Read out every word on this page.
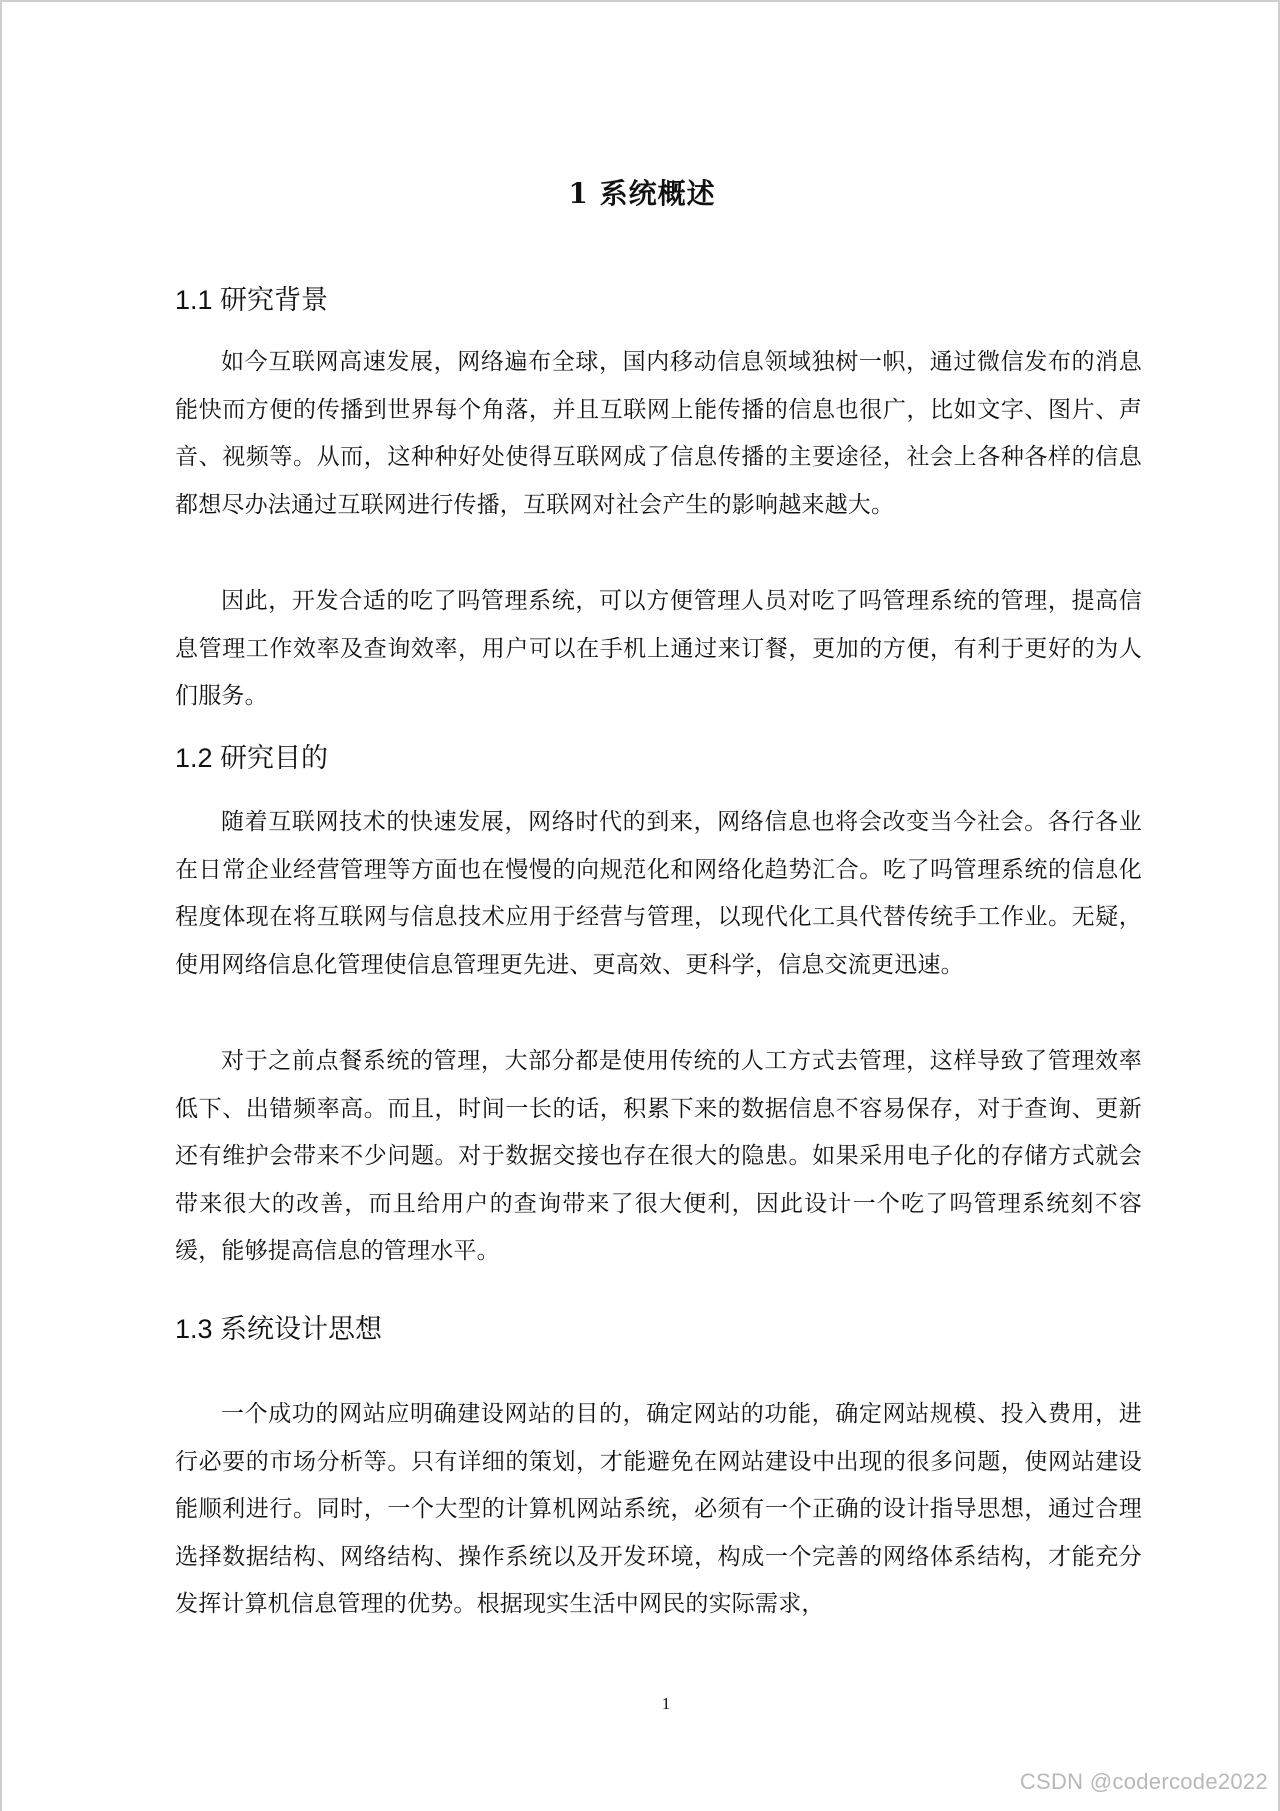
1 系统概述
1.1 研究背景

如今互联网高速发展，网络遍布全球，国内移动信息领域独树一帜，通过微信发布的消息能快而方便的传播到世界每个角落，并且互联网上能传播的信息也很广，比如文字、图片、声音、视频等。从而，这种种好处使得互联网成了信息传播的主要途径，社会上各种各样的信息都想尽办法通过互联网进行传播，互联网对社会产生的影响越来越大。

因此，开发合适的吃了吗管理系统，可以方便管理人员对吃了吗管理系统的管理，提高信息管理工作效率及查询效率，用户可以在手机上通过来订餐，更加的方便，有利于更好的为人们服务。

1.2 研究目的

随着互联网技术的快速发展，网络时代的到来，网络信息也将会改变当今社会。各行各业在日常企业经营管理等方面也在慢慢的向规范化和网络化趋势汇合。吃了吗管理系统的信息化程度体现在将互联网与信息技术应用于经营与管理，以现代化工具代替传统手工作业。无疑，使用网络信息化管理使信息管理更先进、更高效、更科学，信息交流更迅速。

对于之前点餐系统的管理，大部分都是使用传统的人工方式去管理，这样导致了管理效率低下、出错频率高。而且，时间一长的话，积累下来的数据信息不容易保存，对于查询、更新还有维护会带来不少问题。对于数据交接也存在很大的隐患。如果采用电子化的存储方式就会带来很大的改善，而且给用户的查询带来了很大便利，因此设计一个吃了吗管理系统刻不容缓，能够提高信息的管理水平。

1.3 系统设计思想

一个成功的网站应明确建设网站的目的，确定网站的功能，确定网站规模、投入费用，进行必要的市场分析等。只有详细的策划，才能避免在网站建设中出现的很多问题，使网站建设能顺利进行。同时，一个大型的计算机网站系统，必须有一个正确的设计指导思想，通过合理选择数据结构、网络结构、操作系统以及开发环境，构成一个完善的网络体系结构，才能充分发挥计算机信息管理的优势。根据现实生活中网民的实际需求，

1
CSDN @codercode2022
